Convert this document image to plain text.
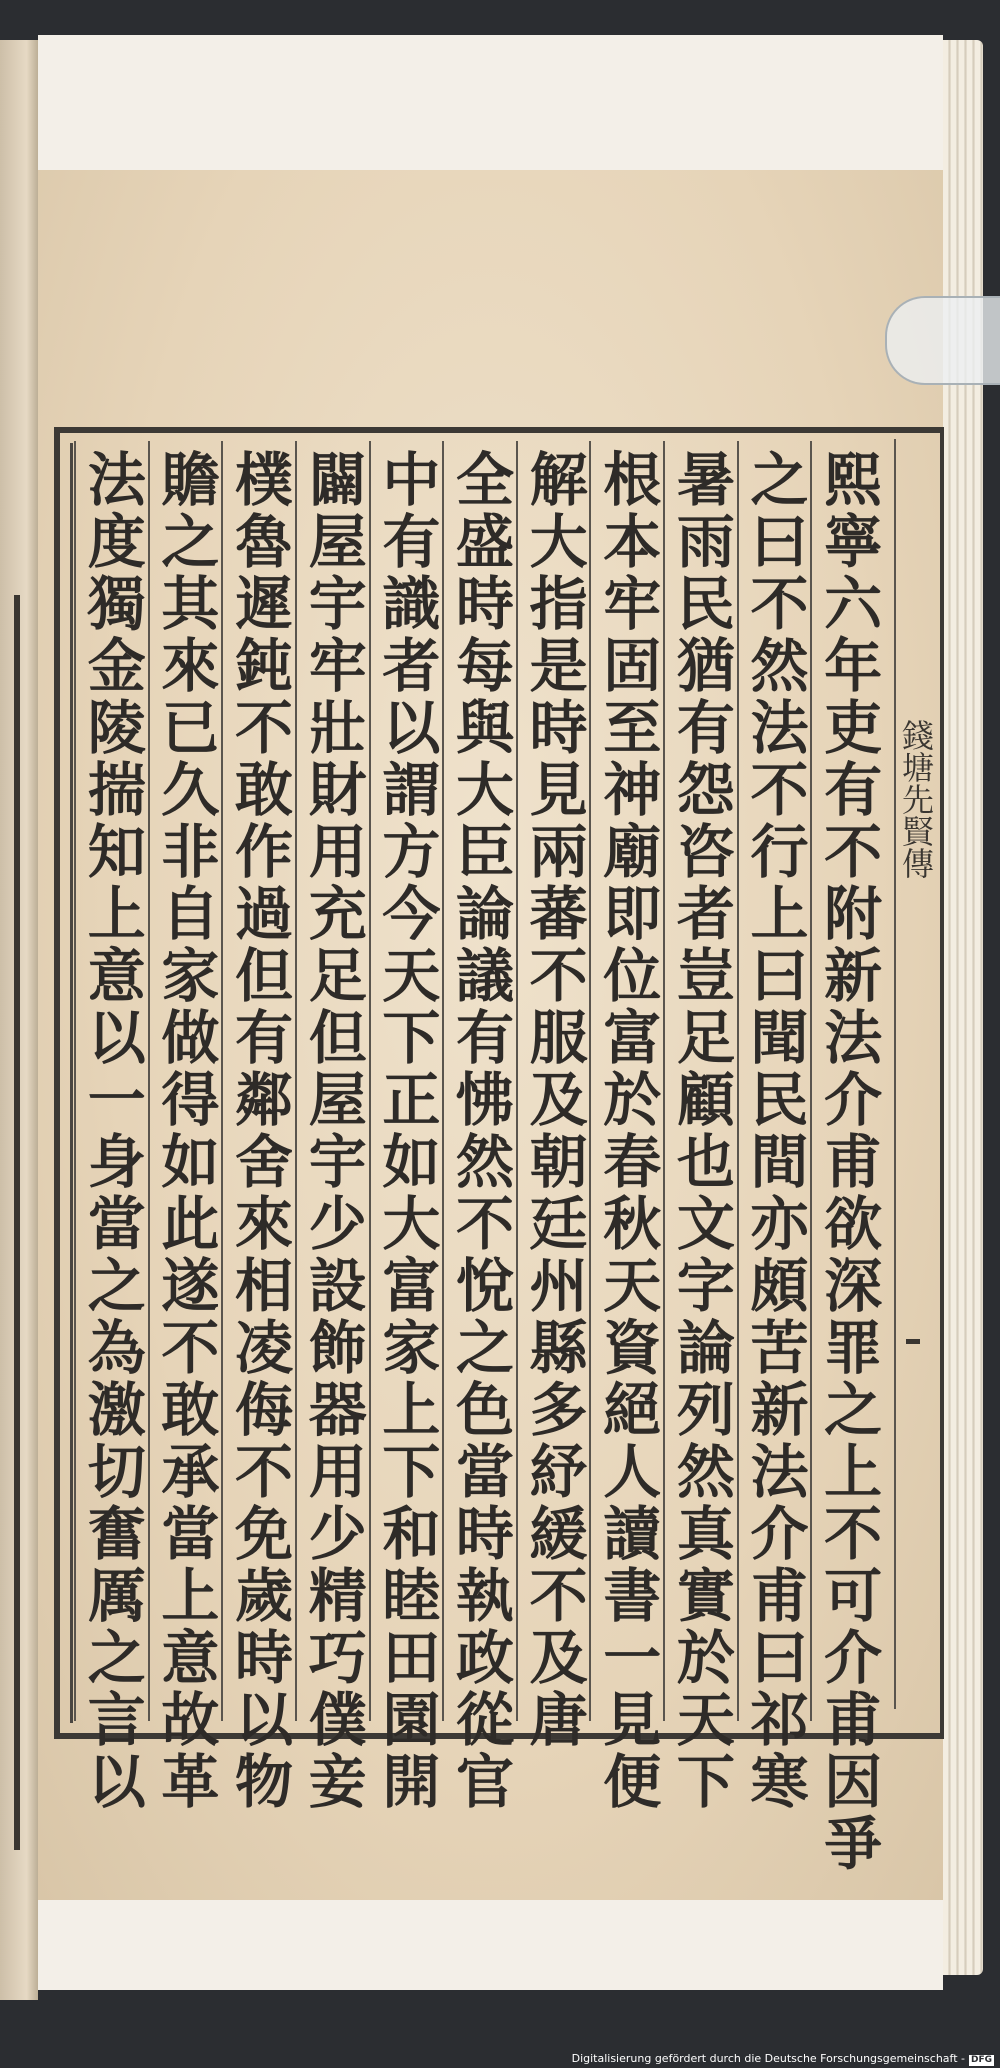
熙寧六年吏有不附新法介甫欲深罪之上不可介甫因爭
之曰不然法不行上曰聞民間亦頗苦新法介甫曰祁寒
暑雨民猶有怨咨者豈足顧也文字論列然真實於天下
根本牢固至神廟即位富於春秋天資絕人讀書一見便
解大指是時見兩蕃不服及朝廷州縣多紓緩不及唐
全盛時每與大臣論議有怫然不悅之色當時執政從官
中有識者以謂方今天下正如大富家上下和睦田園開
闢屋宇牢壯財用充足但屋宇少設飾器用少精巧僕妾
樸魯遲鈍不敢作過但有鄰舍來相凌侮不免歲時以物
贍之其來已久非自家做得如此遂不敢承當上意故革
法度獨金陵揣知上意以一身當之為激切奮厲之言以	錢塘先賢傳
Digitalisierung gefördert durch die Deutsche Forschungsgemeinschaft - DFG
